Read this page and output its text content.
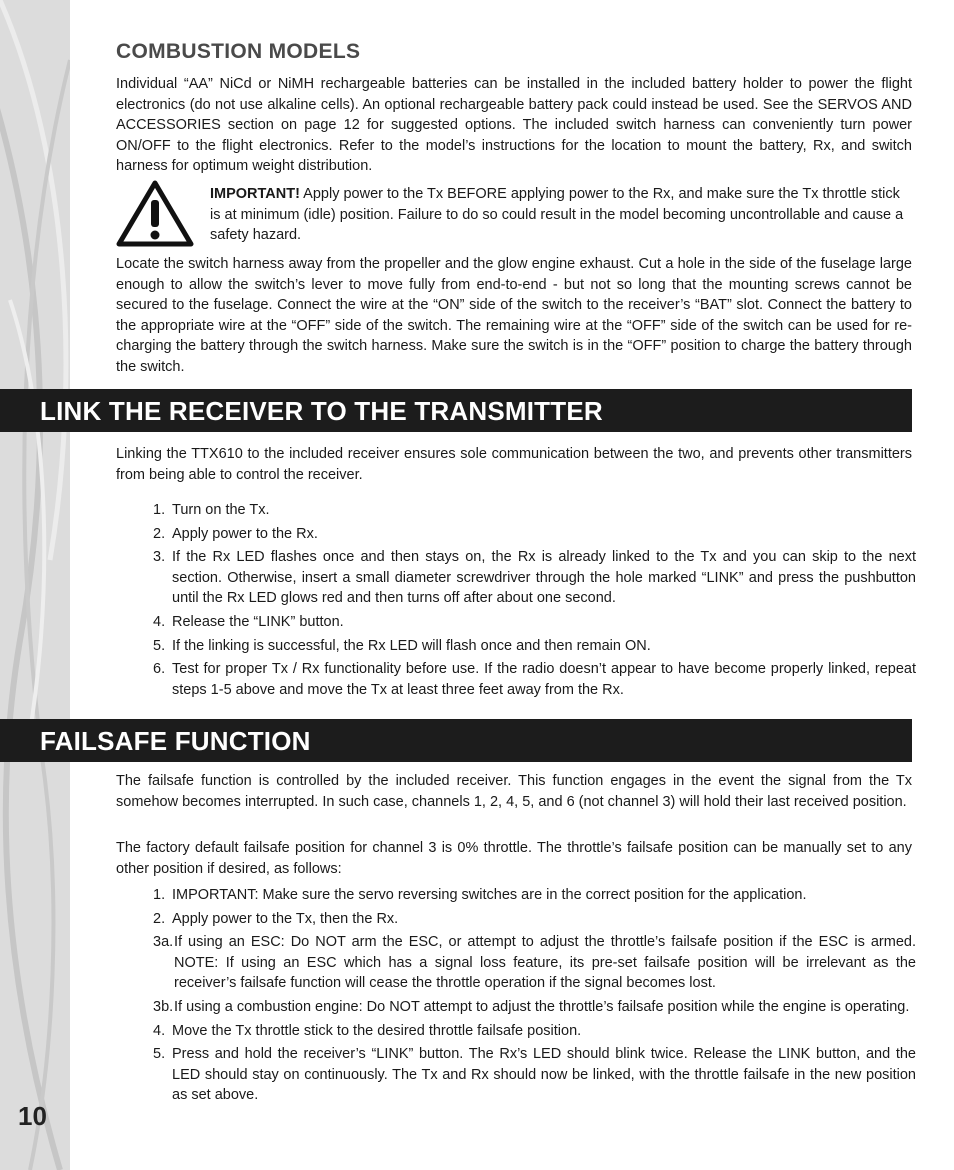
10
COMBUSTION MODELS

Individual “AA” NiCd or NiMH rechargeable batteries can be installed in the included battery holder to power the flight electronics (do not use alkaline cells). An optional rechargeable battery pack could instead be used. See the SERVOS AND ACCESSORIES section on page 12 for suggested options. The included switch harness can conveniently turn power ON/OFF to the flight electronics. Refer to the model’s instructions for the location to mount the battery, Rx, and switch harness for optimum weight distribution.

IMPORTANT! Apply power to the Tx BEFORE applying power to the Rx, and make sure the Tx throttle stick is at minimum (idle) position. Failure to do so could result in the model becoming uncontrollable and cause a safety hazard.

Locate the switch harness away from the propeller and the glow engine exhaust. Cut a hole in the side of the fuselage large enough to allow the switch’s lever to move fully from end-to-end - but not so long that the mounting screws cannot be secured to the fuselage. Connect the wire at the “ON” side of the switch to the receiver’s “BAT” slot. Connect the battery to the appropriate wire at the “OFF” side of the switch. The remaining wire at the “OFF” side of the switch can be used for re-charging the battery through the switch harness. Make sure the switch is in the “OFF” position to charge the battery through the switch.

LINK THE RECEIVER TO THE TRANSMITTER

Linking the TTX610 to the included receiver ensures sole communication between the two, and prevents other transmitters from being able to control the receiver.

1. Turn on the Tx.
2. Apply power to the Rx.
3. If the Rx LED flashes once and then stays on, the Rx is already linked to the Tx and you can skip to the next section. Otherwise, insert a small diameter screwdriver through the hole marked “LINK” and press the pushbutton until the Rx LED glows red and then turns off after about one second.
4. Release the “LINK” button.
5. If the linking is successful, the Rx LED will flash once and then remain ON.
6. Test for proper Tx / Rx functionality before use. If the radio doesn’t appear to have become properly linked, repeat steps 1-5 above and move the Tx at least three feet away from the Rx.
FAILSAFE FUNCTION

The failsafe function is controlled by the included receiver. This function engages in the event the signal from the Tx somehow becomes interrupted. In such case, channels 1, 2, 4, 5, and 6 (not channel 3) will hold their last received position.

The factory default failsafe position for channel 3 is 0% throttle. The throttle’s failsafe position can be manually set to any other position if desired, as follows:

1. IMPORTANT: Make sure the servo reversing switches are in the correct position for the application.
2. Apply power to the Tx, then the Rx.
3a. If using an ESC: Do NOT arm the ESC, or attempt to adjust the throttle’s failsafe position if the ESC is armed. NOTE: If using an ESC which has a signal loss feature, its pre-set failsafe position will be irrelevant as the receiver’s failsafe function will cease the throttle operation if the signal becomes lost.
3b. If using a combustion engine: Do NOT attempt to adjust the throttle’s failsafe position while the engine is operating.
4. Move the Tx throttle stick to the desired throttle failsafe position.
5. Press and hold the receiver’s “LINK” button. The Rx’s LED should blink twice. Release the LINK button, and the LED should stay on continuously. The Tx and Rx should now be linked, with the throttle failsafe in the new position as set above.
